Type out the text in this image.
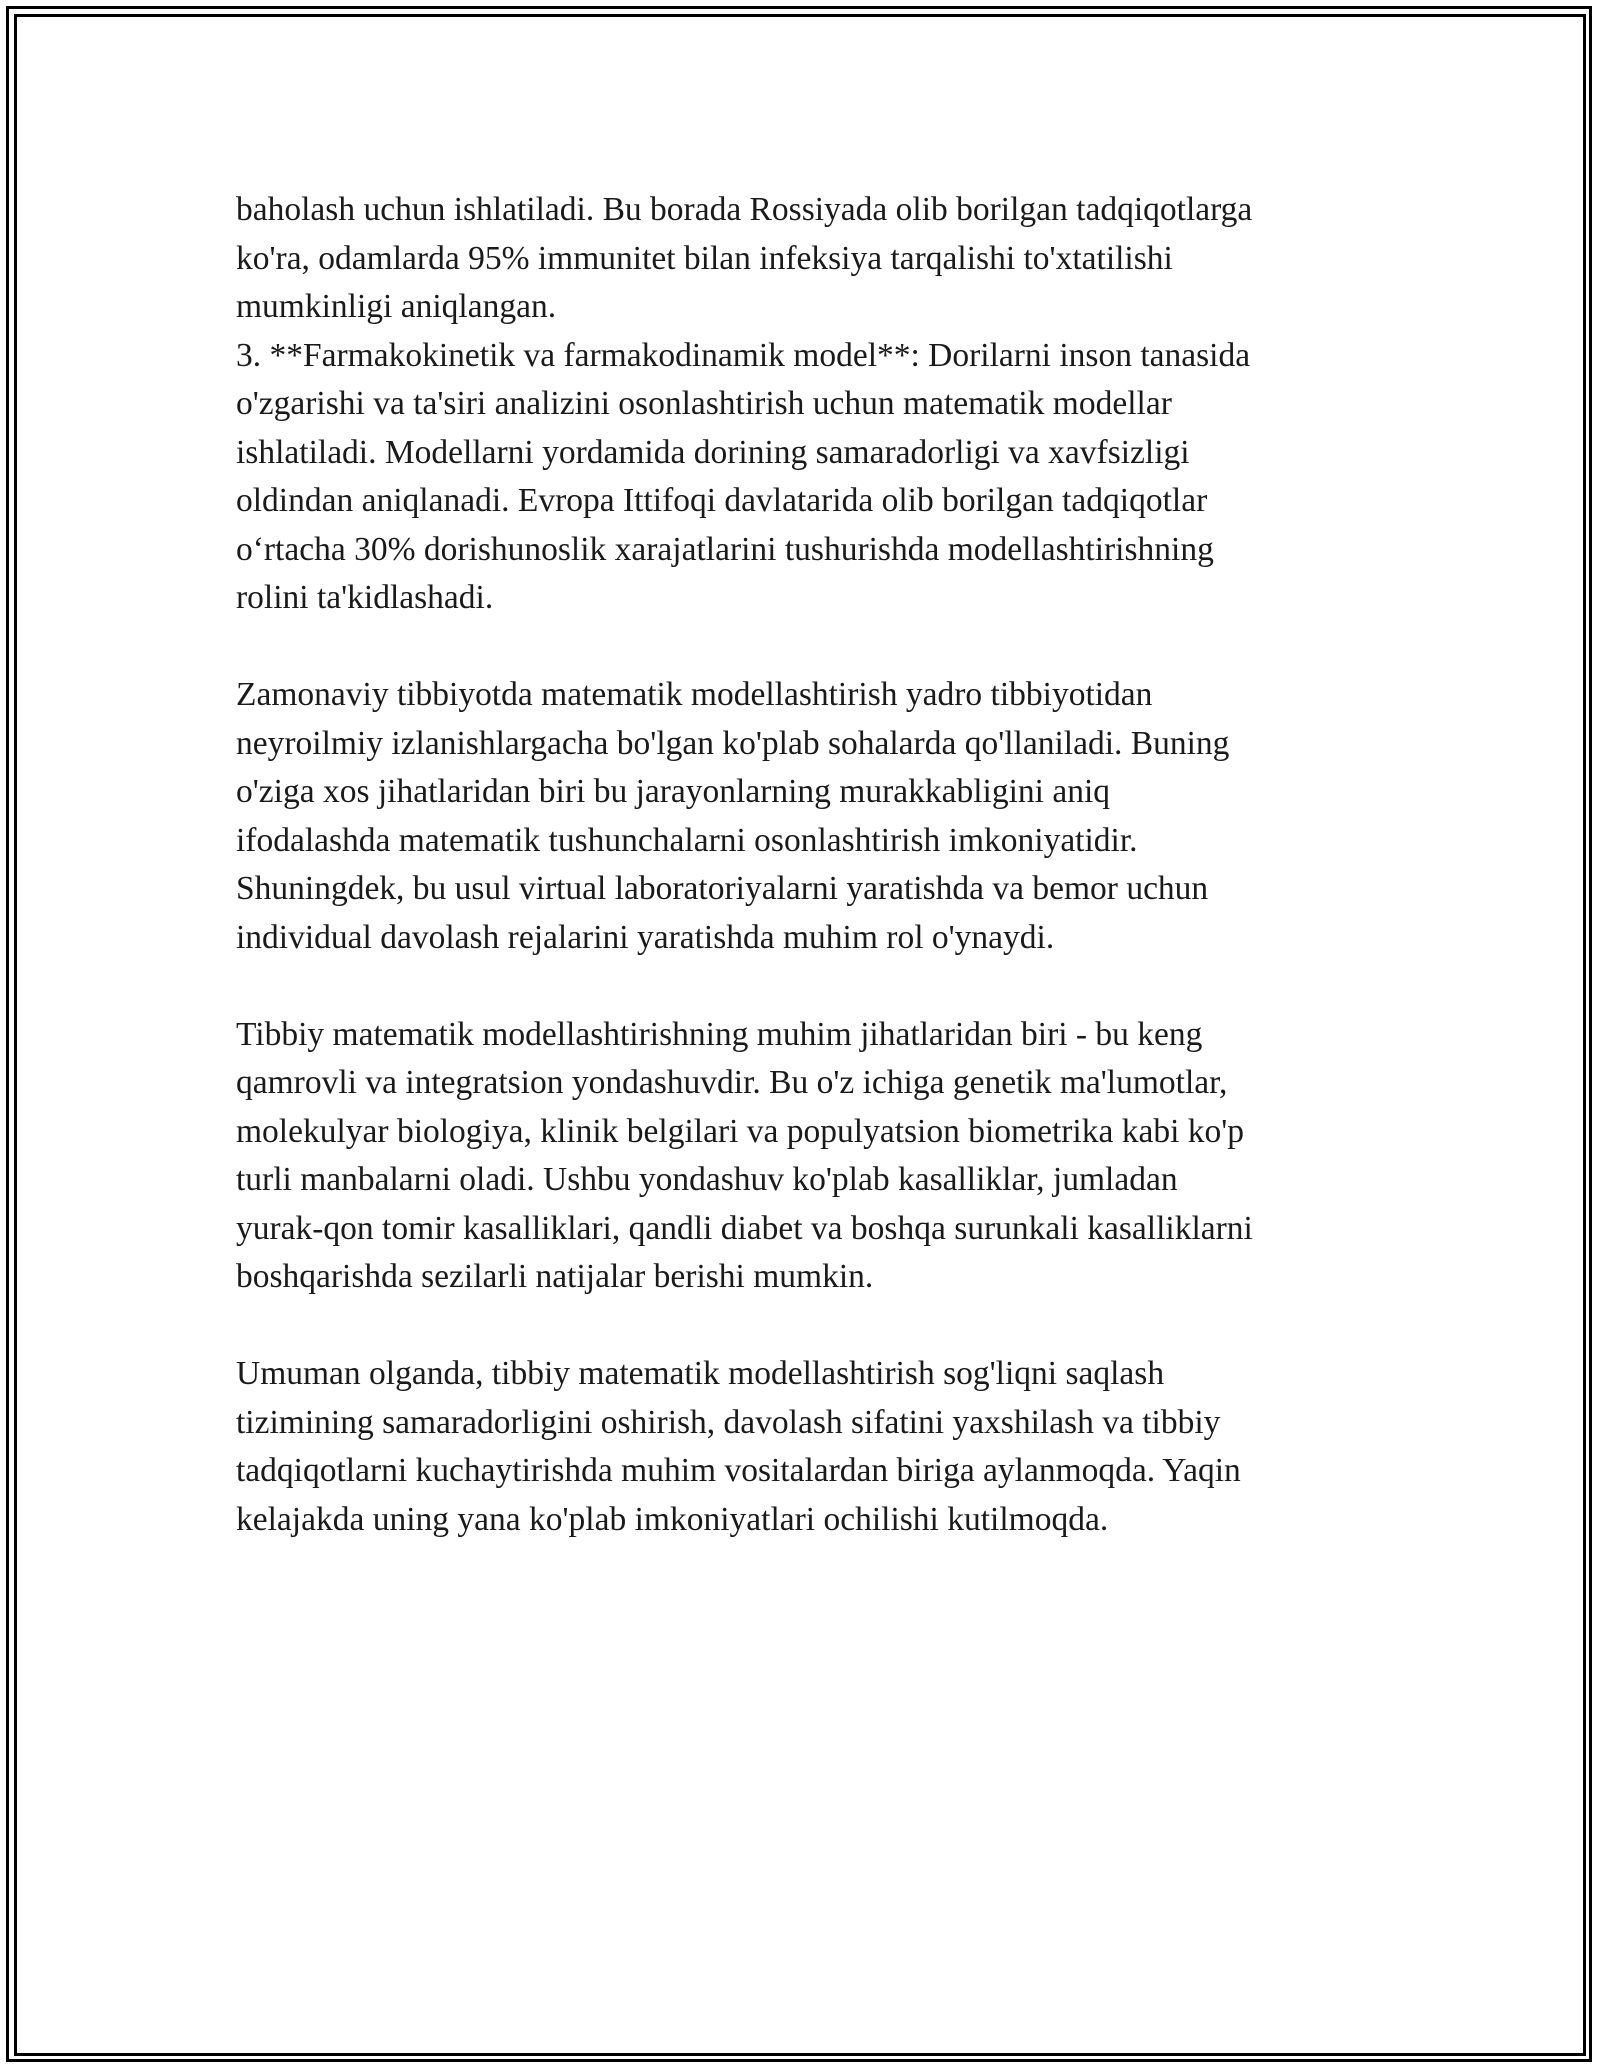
baholash uchun ishlatiladi. Bu borada Rossiyada olib borilgan tadqiqotlarga
ko'ra, odamlarda 95% immunitet bilan infeksiya tarqalishi to'xtatilishi
mumkinligi aniqlangan.
3. **Farmakokinetik va farmakodinamik model**: Dorilarni inson tanasida
o'zgarishi va ta'siri analizini osonlashtirish uchun matematik modellar
ishlatiladi. Modellarni yordamida dorining samaradorligi va xavfsizligi
oldindan aniqlanadi. Evropa Ittifoqi davlatarida olib borilgan tadqiqotlar
o‘rtacha 30% dorishunoslik xarajatlarini tushurishda modellashtirishning
rolini ta'kidlashadi.
Zamonaviy tibbiyotda matematik modellashtirish yadro tibbiyotidan
neyroilmiy izlanishlargacha bo'lgan ko'plab sohalarda qo'llaniladi. Buning
o'ziga xos jihatlaridan biri bu jarayonlarning murakkabligini aniq
ifodalashda matematik tushunchalarni osonlashtirish imkoniyatidir.
Shuningdek, bu usul virtual laboratoriyalarni yaratishda va bemor uchun
individual davolash rejalarini yaratishda muhim rol o'ynaydi.
Tibbiy matematik modellashtirishning muhim jihatlaridan biri - bu keng
qamrovli va integratsion yondashuvdir. Bu o'z ichiga genetik ma'lumotlar,
molekulyar biologiya, klinik belgilari va populyatsion biometrika kabi ko'p
turli manbalarni oladi. Ushbu yondashuv ko'plab kasalliklar, jumladan
yurak-qon tomir kasalliklari, qandli diabet va boshqa surunkali kasalliklarni
boshqarishda sezilarli natijalar berishi mumkin.
Umuman olganda, tibbiy matematik modellashtirish sog'liqni saqlash
tizimining samaradorligini oshirish, davolash sifatini yaxshilash va tibbiy
tadqiqotlarni kuchaytirishda muhim vositalardan biriga aylanmoqda. Yaqin
kelajakda uning yana ko'plab imkoniyatlari ochilishi kutilmoqda.
